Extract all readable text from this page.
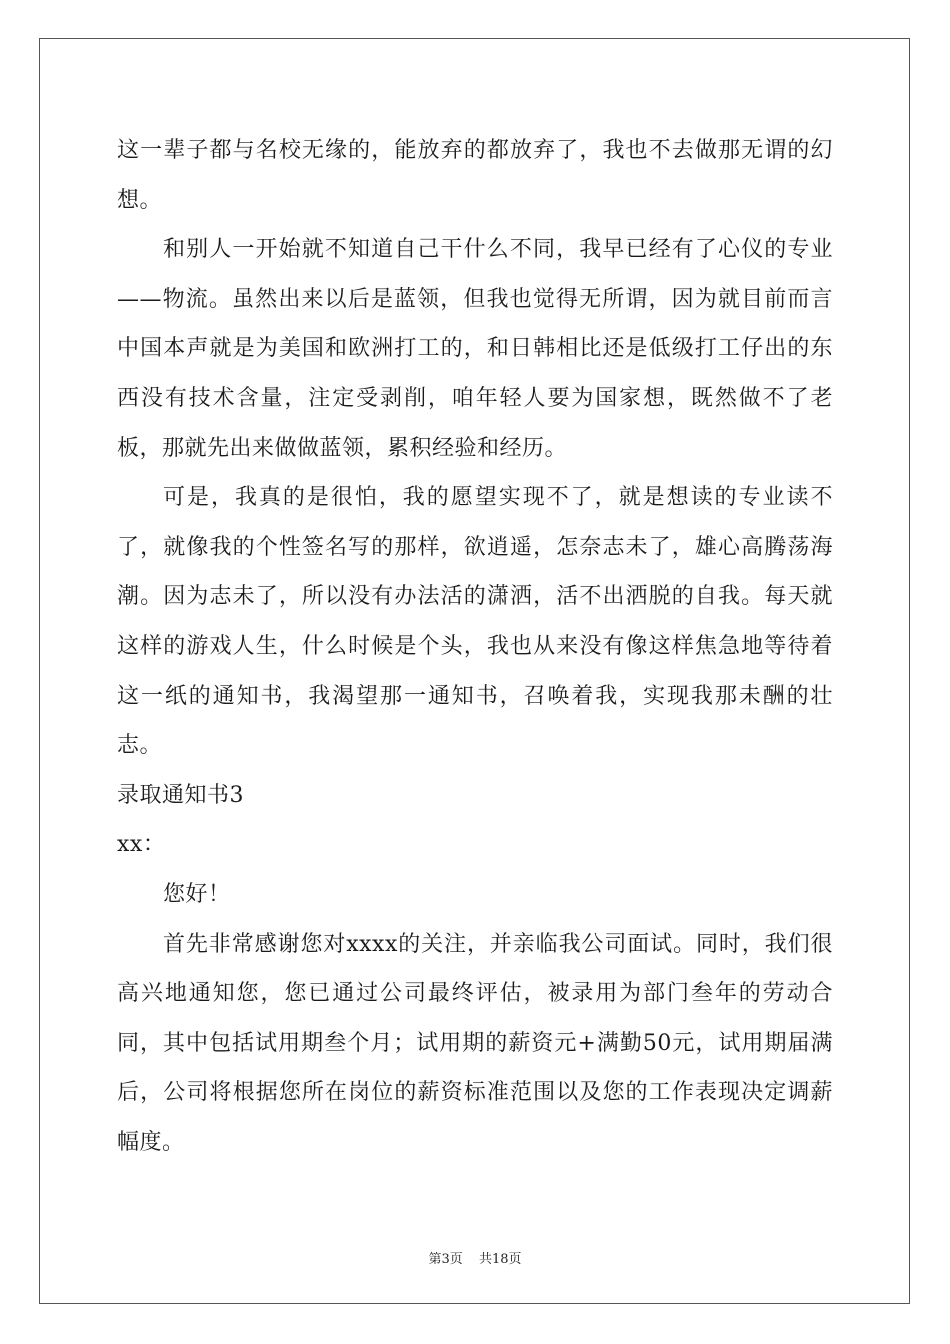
这一辈子都与名校无缘的，能放弃的都放弃了，我也不去做那无谓的幻想。

和别人一开始就不知道自己干什么不同，我早已经有了心仪的专业——物流。虽然出来以后是蓝领，但我也觉得无所谓，因为就目前而言中国本声就是为美国和欧洲打工的，和日韩相比还是低级打工仔出的东西没有技术含量，注定受剥削，咱年轻人要为国家想，既然做不了老板，那就先出来做做蓝领，累积经验和经历。

可是，我真的是很怕，我的愿望实现不了，就是想读的专业读不了，就像我的个性签名写的那样，欲逍遥，怎奈志未了，雄心高腾荡海潮。因为志未了，所以没有办法活的潇洒，活不出洒脱的自我。每天就这样的游戏人生，什么时候是个头，我也从来没有像这样焦急地等待着这一纸的通知书，我渴望那一通知书，召唤着我，实现我那未酬的壮志。

录取通知书3

xx：

您好！

首先非常感谢您对xxxx的关注，并亲临我公司面试。同时，我们很高兴地通知您，您已通过公司最终评估，被录用为部门叁年的劳动合同，其中包括试用期叁个月；试用期的薪资元+满勤50元，试用期届满后，公司将根据您所在岗位的薪资标准范围以及您的工作表现决定调薪幅度。

第3页 共18页
